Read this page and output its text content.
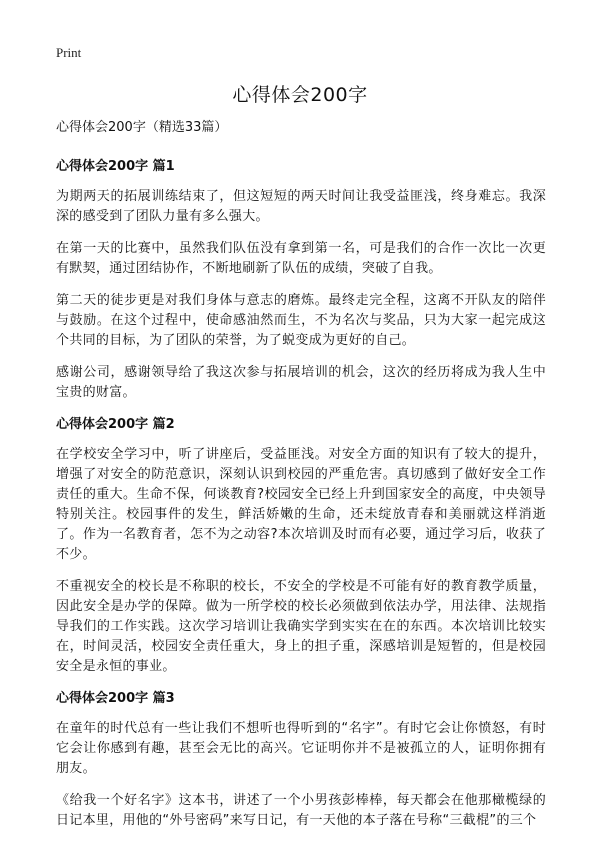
Print
心得体会200字

心得体会200字（精选33篇）

心得体会200字 篇1

为期两天的拓展训练结束了，但这短短的两天时间让我受益匪浅，终身难忘。我深深的感受到了团队力量有多么强大。

在第一天的比赛中，虽然我们队伍没有拿到第一名，可是我们的合作一次比一次更有默契，通过团结协作，不断地刷新了队伍的成绩，突破了自我。

第二天的徒步更是对我们身体与意志的磨炼。最终走完全程，这离不开队友的陪伴与鼓励。在这个过程中，使命感油然而生，不为名次与奖品，只为大家一起完成这个共同的目标，为了团队的荣誉，为了蜕变成为更好的自己。

感谢公司，感谢领导给了我这次参与拓展培训的机会，这次的经历将成为我人生中宝贵的财富。

心得体会200字 篇2

在学校安全学习中，听了讲座后，受益匪浅。对安全方面的知识有了较大的提升，增强了对安全的防范意识，深刻认识到校园的严重危害。真切感到了做好安全工作责任的重大。生命不保，何谈教育?校园安全已经上升到国家安全的高度，中央领导特别关注。校园事件的发生，鲜活娇嫩的生命，还未绽放青春和美丽就这样消逝了。作为一名教育者，怎不为之动容?本次培训及时而有必要，通过学习后，收获了不少。

不重视安全的校长是不称职的校长，不安全的学校是不可能有好的教育教学质量，因此安全是办学的保障。做为一所学校的校长必须做到依法办学，用法律、法规指导我们的工作实践。这次学习培训让我确实学到实实在在的东西。本次培训比较实在，时间灵活，校园安全责任重大，身上的担子重，深感培训是短暂的，但是校园安全是永恒的事业。

心得体会200字 篇3

在童年的时代总有一些让我们不想听也得听到的“名字”。有时它会让你愤怒，有时它会让你感到有趣，甚至会无比的高兴。它证明你并不是被孤立的人，证明你拥有朋友。

《给我一个好名字》这本书，讲述了一个小男孩彭棒棒，每天都会在他那橄榄绿的日记本里，用他的“外号密码”来写日记，有一天他的本子落在号称“三截棍”的三个
